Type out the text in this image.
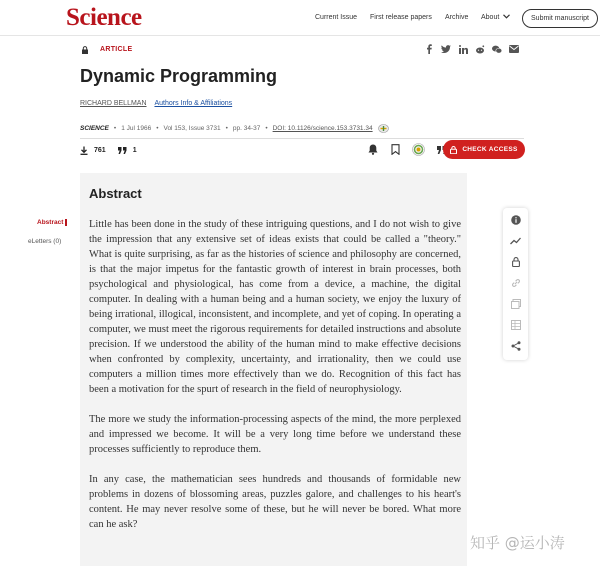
Science	Current Issue First release papers Archive About	Submit manuscript
ARTICLE
Dynamic Programming
RICHARD BELLMAN Authors Info & Affiliations
SCIENCE • 1 Jul 1966 • Vol 153, Issue 3731 • pp. 34-37 • DOI: 10.1126/science.153.3731.34
761	1	CHECK ACCESS
Abstract
eLetters (0)
Abstract

Little has been done in the study of these intriguing questions, and I do not wish to give the impression that any extensive set of ideas exists that could be called a "theory." What is quite surprising, as far as the histories of science and philosophy are concerned, is that the major impetus for the fantastic growth of interest in brain processes, both psychological and physiological, has come from a device, a machine, the digital computer. In dealing with a human being and a human society, we enjoy the luxury of being irrational, illogical, inconsistent, and incomplete, and yet of coping. In operating a computer, we must meet the rigorous requirements for detailed instructions and absolute precision. If we understood the ability of the human mind to make effective decisions when confronted by complexity, uncertainty, and irrationality, then we could use computers a million times more effectively than we do. Recognition of this fact has been a motivation for the spurt of research in the field of neurophysiology.

The more we study the information-processing aspects of the mind, the more perplexed and impressed we become. It will be a very long time before we understand these processes sufficiently to reproduce them.

In any case, the mathematician sees hundreds and thousands of formidable new problems in dozens of blossoming areas, puzzles galore, and challenges to his heart's content. He may never resolve some of these, but he will never be bored. What more can he ask?

知乎 @运小涛
